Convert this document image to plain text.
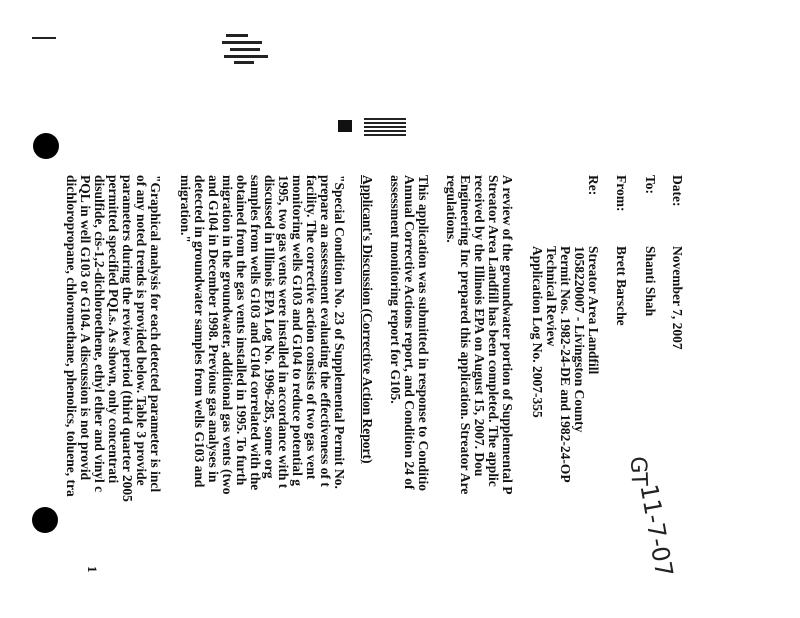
Date:
November 7, 2007
To:
Shanti Shah
From:
Brett Barsche
Re:
Streator Area Landfill
1058220007 - Livingston County
Permit Nos. 1982-24-DE and 1982-24-OP
Technical Review
Application Log No. 2007-355
A review of the groundwater portion of Supplemental P
Streator Area Landfill has been completed. The applic
received by the Illinois EPA on August 15, 2007. Dou
Engineering Inc prepared this application. Streator Are
regulations.
This application was submitted in response to Conditio
Annual Corrective Actions report, and Condition 24 of
assessment monitoring report for G105.
Applicant's Discussion (Corrective Action Report)
"Special Condition No. 23 of Supplemental Permit No.
prepare an assessment evaluating the effectiveness of t
facility. The corrective action consists of two gas vent
monitoring wells G103 and G104 to reduce potential g
1995, two gas vents were installed in accordance with t
discussed in Illinois EPA Log No. 1996-285, some org
samples from wells G103 and G104 correlated with the
obtained from the gas vents installed in 1995. To furth
migration in the groundwater, additional gas vents (two
and G104 in December 1998. Previous gas analyses in
detected in groundwater samples from wells G103 and
migration."
"Graphical analysis for each detected parameter is incl
of any noted trends is provided below. Table 3 provide
parameters during the review period (third quarter 2005
permitted specified PQLs. As shown, only concentrati
disulfide, cis-1,2-dichloroethene, ethyl ether and vinyl c
PQL in well G103 or G104. A discussion is not provid
dichloropropane, chloromethane, phenolics, toluene, tra	GT
11-7-07
1
